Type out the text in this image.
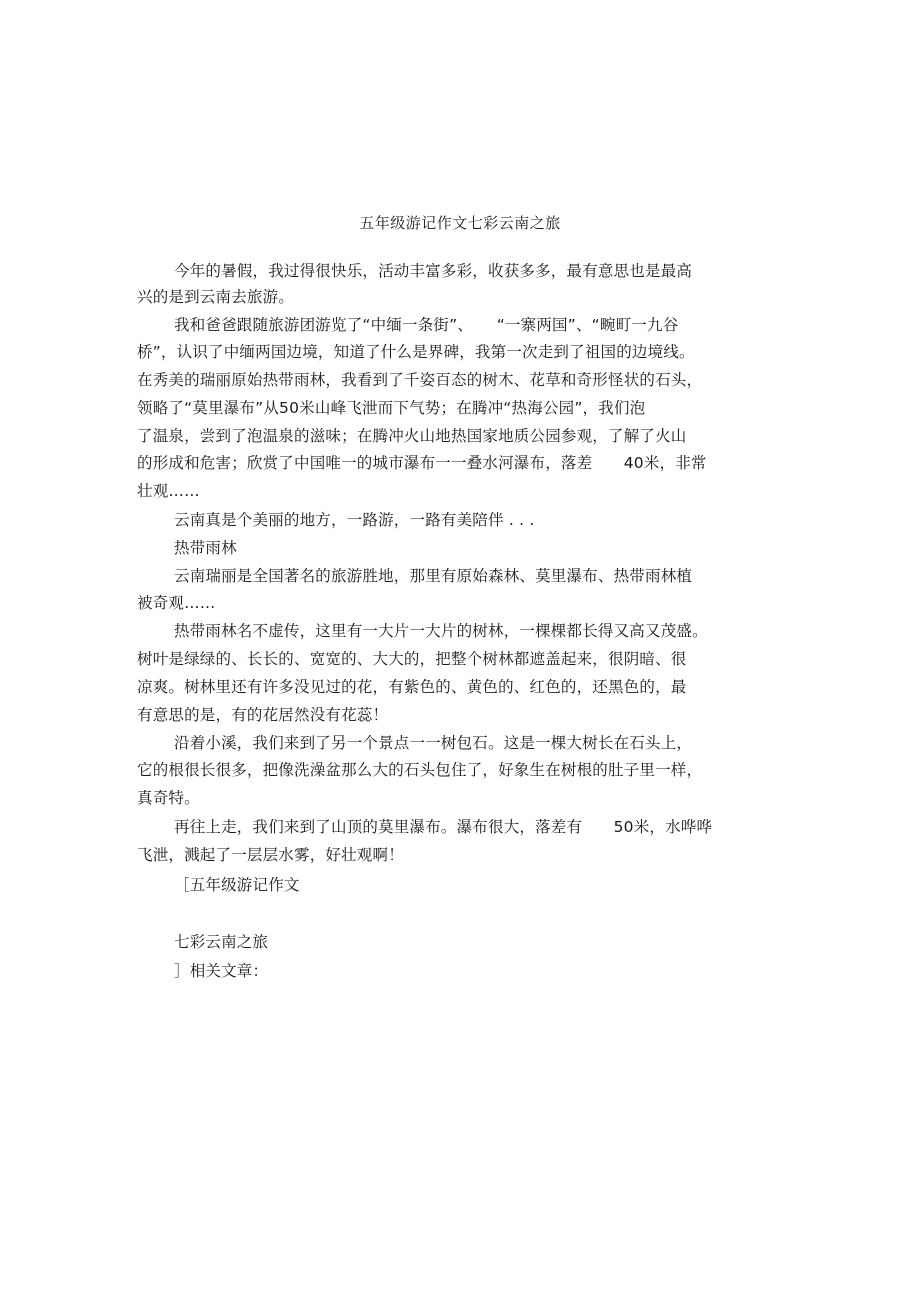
五年级游记作文七彩云南之旅
今年的暑假，我过得很快乐，活动丰富多彩，收获多多，最有意思也是最高
兴的是到云南去旅游。
我和爸爸跟随旅游团游览了“中缅一条街”、　　“一寨两国”、“畹町一九谷
桥”，认识了中缅两国边境，知道了什么是界碑，我第一次走到了祖国的边境线。
在秀美的瑞丽原始热带雨林，我看到了千姿百态的树木、花草和奇形怪状的石头，
领略了“莫里瀑布”从50米山峰飞泄而下气势；在腾冲“热海公园”，我们泡
了温泉，尝到了泡温泉的滋味；在腾冲火山地热国家地质公园参观，了解了火山
的形成和危害；欣赏了中国唯一的城市瀑布一一叠水河瀑布，落差　　40米，非常
壮观……
云南真是个美丽的地方，一路游，一路有美陪伴 . . .
热带雨林
云南瑞丽是全国著名的旅游胜地，那里有原始森林、莫里瀑布、热带雨林植
被奇观……
热带雨林名不虚传，这里有一大片一大片的树林，一棵棵都长得又高又茂盛。
树叶是绿绿的、长长的、宽宽的、大大的，把整个树林都遮盖起来，很阴暗、很
凉爽。树林里还有许多没见过的花，有紫色的、黄色的、红色的，还黑色的，最
有意思的是，有的花居然没有花蕊！
沿着小溪，我们来到了另一个景点一一树包石。这是一棵大树长在石头上，
它的根很长很多，把像洗澡盆那么大的石头包住了，好象生在树根的肚子里一样，
真奇特。
再往上走，我们来到了山顶的莫里瀑布。瀑布很大，落差有　　50米，水哗哗
飞泄，溅起了一层层水雾，好壮观啊！
［五年级游记作文
七彩云南之旅
］相关文章：
